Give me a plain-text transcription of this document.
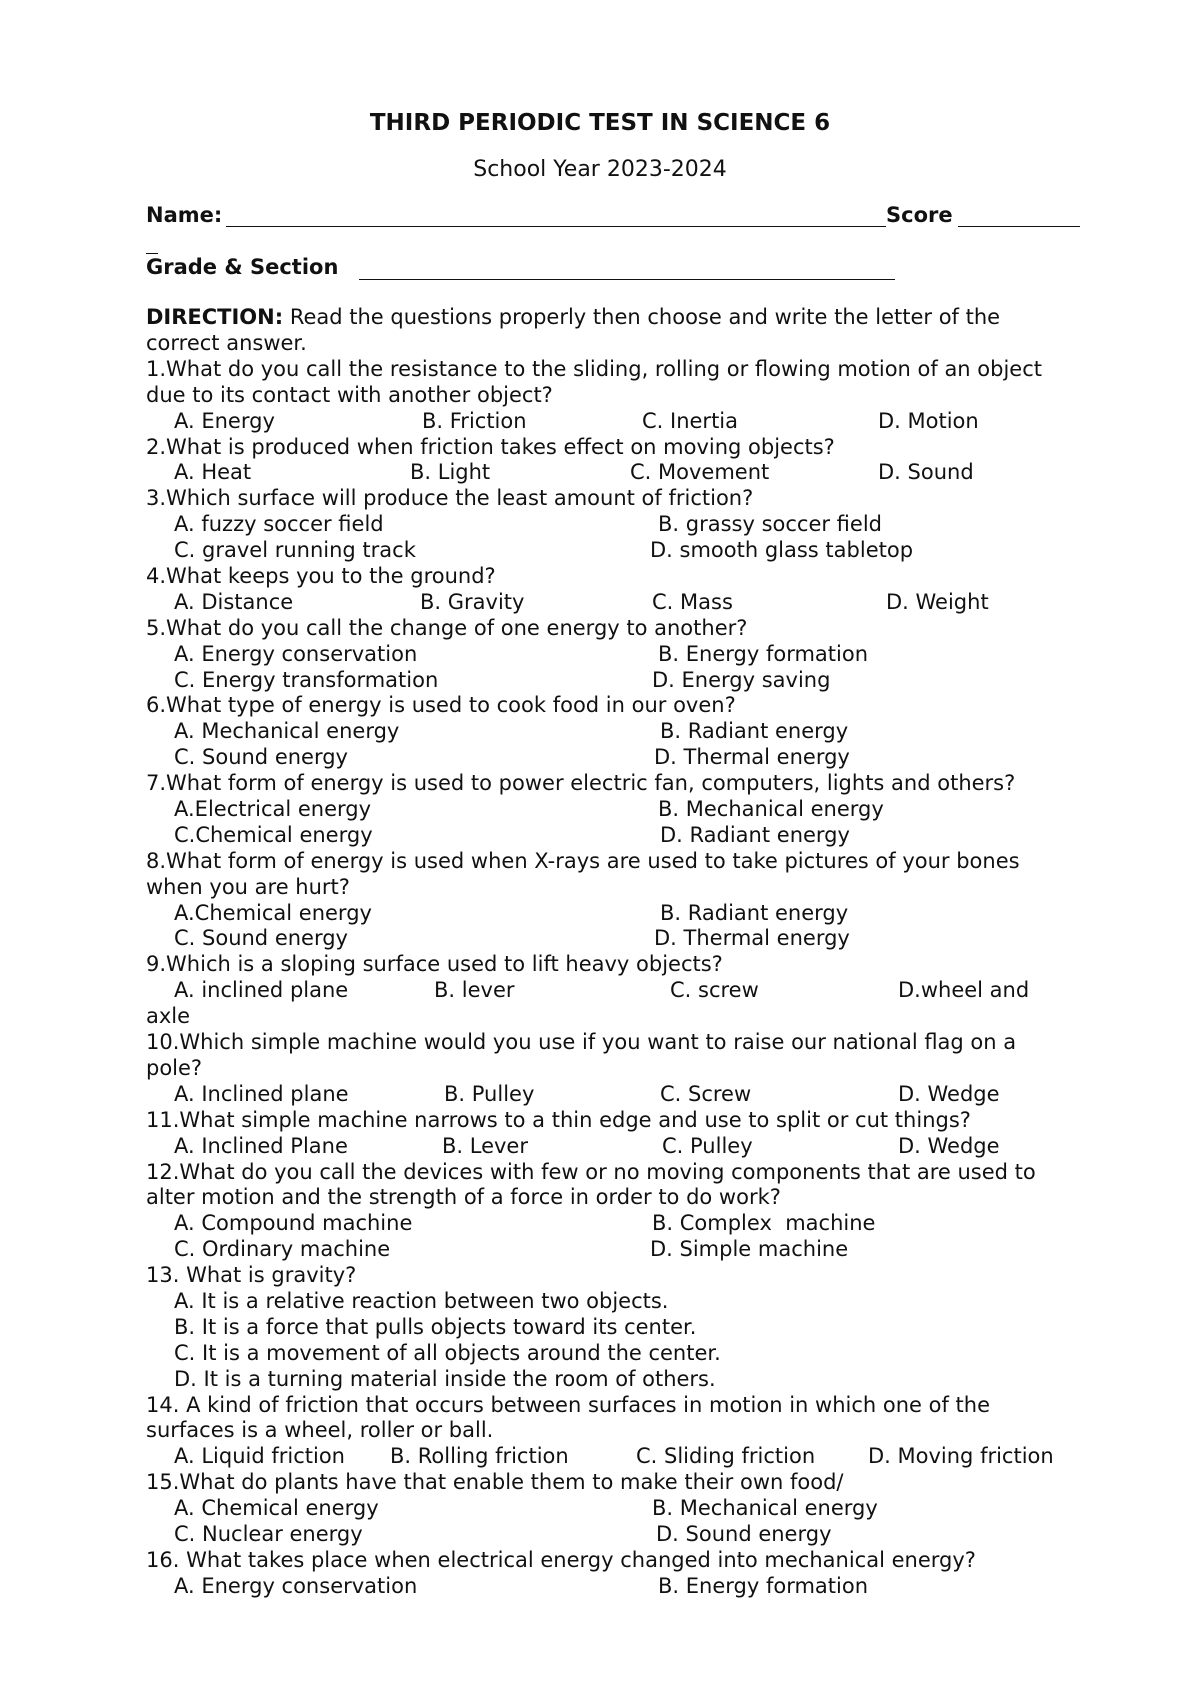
THIRD PERIODIC TEST IN SCIENCE 6
School Year 2023-2024
Name:	Score
Grade & Section
DIRECTION: Read the questions properly then choose and write the letter of the correct answer.
1.What do you call the resistance to the sliding, rolling or flowing motion of an object due to its contact with another object?
A. Energy	B. Friction	C. Inertia	D. Motion
2.What is produced when friction takes effect on moving objects?
A. Heat	B. Light	C. Movement	D. Sound
3.Which surface will produce the least amount of friction?
A. fuzzy soccer field	B. grassy soccer field
C. gravel running track	D. smooth glass tabletop
4.What keeps you to the ground?
A. Distance	B. Gravity	C. Mass	D. Weight
5.What do you call the change of one energy to another?
A. Energy conservation	B. Energy formation
C. Energy transformation	D. Energy saving
6.What type of energy is used to cook food in our oven?
A. Mechanical energy	B. Radiant energy
C. Sound energy	D. Thermal energy
7.What form of energy is used to power electric fan, computers, lights and others?
A.Electrical energy	B. Mechanical energy
C.Chemical energy	D. Radiant energy
8.What form of energy is used when X-rays are used to take pictures of your bones when you are hurt?
A.Chemical energy	B. Radiant energy
C. Sound energy	D. Thermal energy
9.Which is a sloping surface used to lift heavy objects?
A. inclined plane	B. lever	C. screw	D.wheel and
axle
10.Which simple machine would you use if you want to raise our national flag on a pole?
A. Inclined plane	B. Pulley	C. Screw	D. Wedge
11.What simple machine narrows to a thin edge and use to split or cut things?
A. Inclined Plane	B. Lever	C. Pulley	D. Wedge
12.What do you call the devices with few or no moving components that are used to alter motion and the strength of a force in order to do work?
A. Compound machine	B. Complex  machine
C. Ordinary machine	D. Simple machine
13. What is gravity?
A. It is a relative reaction between two objects.
B. It is a force that pulls objects toward its center.
C. It is a movement of all objects around the center.
D. It is a turning material inside the room of others.
14. A kind of friction that occurs between surfaces in motion in which one of the surfaces is a wheel, roller or ball.
A. Liquid friction B. Rolling friction	C. Sliding friction	D. Moving friction
15.What do plants have that enable them to make their own food/
A. Chemical energy	B. Mechanical energy
C. Nuclear energy	D. Sound energy
16. What takes place when electrical energy changed into mechanical energy?
A. Energy conservation	B. Energy formation
